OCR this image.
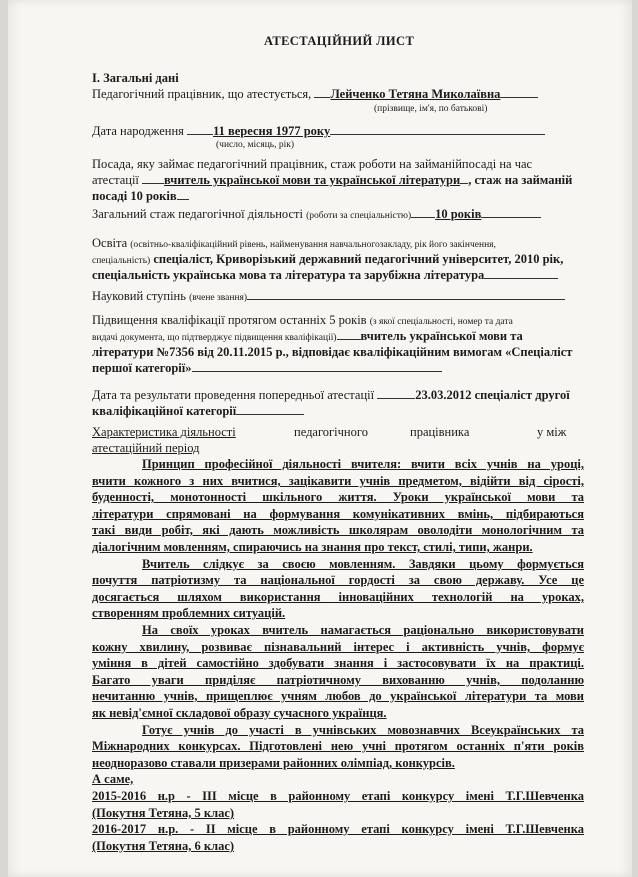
АТЕСТАЦІЙНИЙ ЛИСТ
І. Загальні дані
Педагогічний працівник, що атестується, Лейченко Тетяна Миколаївна
(прізвище, ім'я, по батькові)
Дата народження 11 вересня 1977 року
(число, місяць, рік)
Посада, яку займає педагогічний працівник, стаж роботи на займанійпосаді на час
атестації вчитель української мови та української літератури , стаж на займаній
посаді 10 років
Загальний стаж педагогічної діяльності (роботи за спеціальністю) 10 років
Освіта (освітньо-кваліфікаційний рівень, найменування навчальногозакладу, рік його закінчення,
спеціальність) спеціаліст, Криворізький державний педагогічний університет, 2010 рік,
спеціальність українська мова та література та зарубіжна література
Науковий ступінь (вчене звання)
Підвищення кваліфікації протягом останніх 5 років (з якої спеціальності, номер та дата
видачі документа, що підтверджує підвищення кваліфікації) вчитель української мови та
літератури №7356 від 20.11.2015 р., відповідає кваліфікаційним вимогам «Спеціаліст
першої категорії»
Дата та результати проведення попередньої атестації	23.03.2012 спеціаліст другої
кваліфікаційної категорії
Характеристика діяльності	педагогічного	працівника	у між
атестаційний період
Принцип професійної діяльності вчителя: вчити всіх учнів на уроці,
вчити кожного з них вчитися, зацікавити учнів предметом, відійти від сірості,
буденності, монотонності шкільного життя. Уроки української мови та
літератури спрямовані на формування комунікативних вмінь, підбираються
такі види робіт, які дають можливість школярам оволодіти монологічним та
діалогічним мовленням, спираючись на знання про текст, стилі, типи, жанри.
Вчитель слідкує за своєю мовленням. Завдяки цьому формується
почуття патріотизму та національної гордості за свою державу. Усе це
досягається шляхом використання інноваційних технологій на уроках,
створенням проблемних ситуацій.
На своїх уроках вчитель намагається раціонально використовувати
кожну хвилину, розвиває пізнавальний інтерес і активність учнів, формує
уміння в дітей самостійно здобувати знання і застосовувати їх на практиці.
Багато уваги приділяє патріотичному вихованню учнів, подоланню
нечитанню учнів, прищеплює учням любов до української літератури та мови
як невід'ємної складової образу сучасного українця.
Готує учнів до участі в учнівських мовознавчих Всеукраїнських та
Міжнародних конкурсах. Підготовлені нею учні протягом останніх п'яти років
неодноразово ставали призерами районних олімпіад, конкурсів.
А саме,
2015-2016 н.р - ІІІ місце в районному етапі конкурсу імені Т.Г.Шевченка
(Покутня Тетяна, 5 клас)
2016-2017 н.р. - ІІ місце в районному етапі конкурсу імені Т.Г.Шевченка
(Покутня Тетяна, 6 клас)
